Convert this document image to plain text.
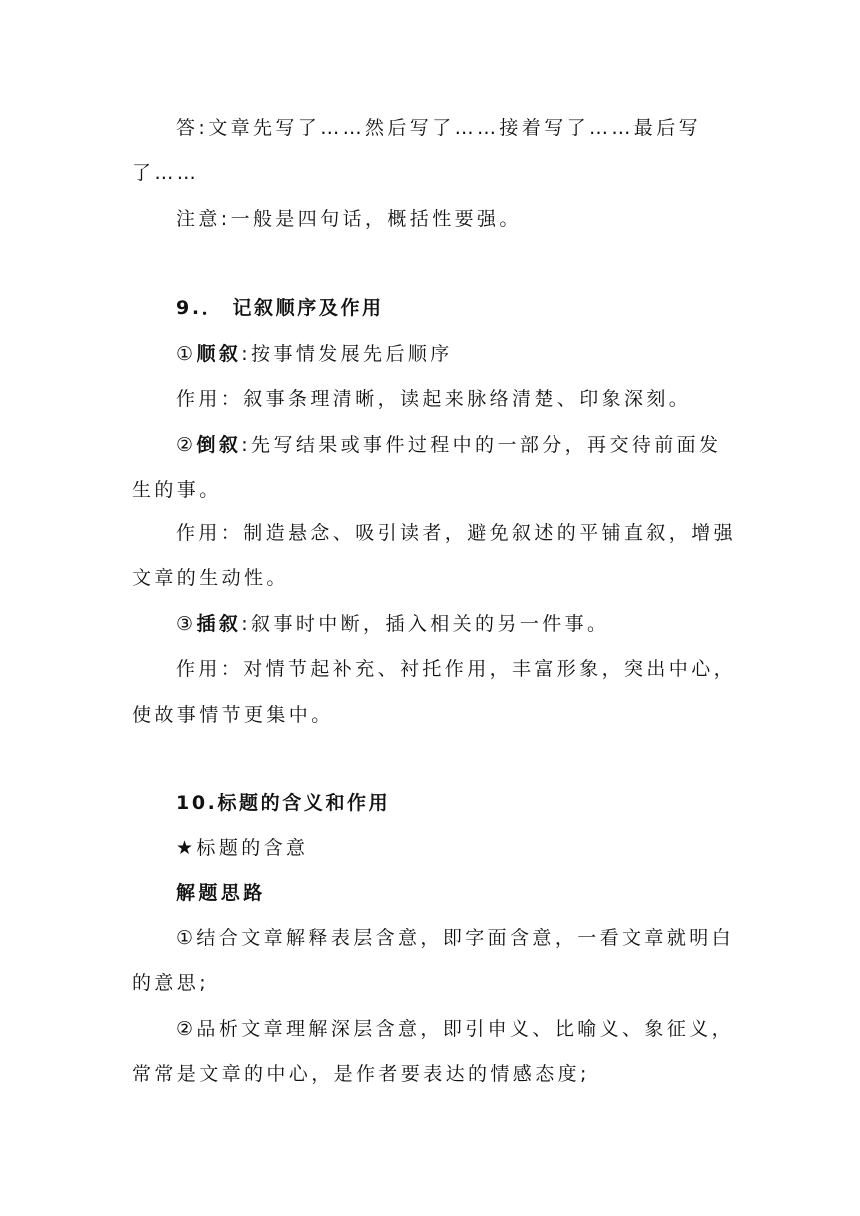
答:文章先写了……然后写了……接着写了……最后写
了……
注意:一般是四句话，概括性要强。
9.． 记叙顺序及作用
①顺叙:按事情发展先后顺序
作用：叙事条理清晰，读起来脉络清楚、印象深刻。
②倒叙:先写结果或事件过程中的一部分，再交待前面发
生的事。
作用：制造悬念、吸引读者，避免叙述的平铺直叙，增强
文章的生动性。
③插叙:叙事时中断，插入相关的另一件事。
作用：对情节起补充、衬托作用，丰富形象，突出中心，
使故事情节更集中。
10.标题的含义和作用
★标题的含意
解题思路
①结合文章解释表层含意，即字面含意，一看文章就明白
的意思;
②品析文章理解深层含意，即引申义、比喻义、象征义，
常常是文章的中心，是作者要表达的情感态度;
